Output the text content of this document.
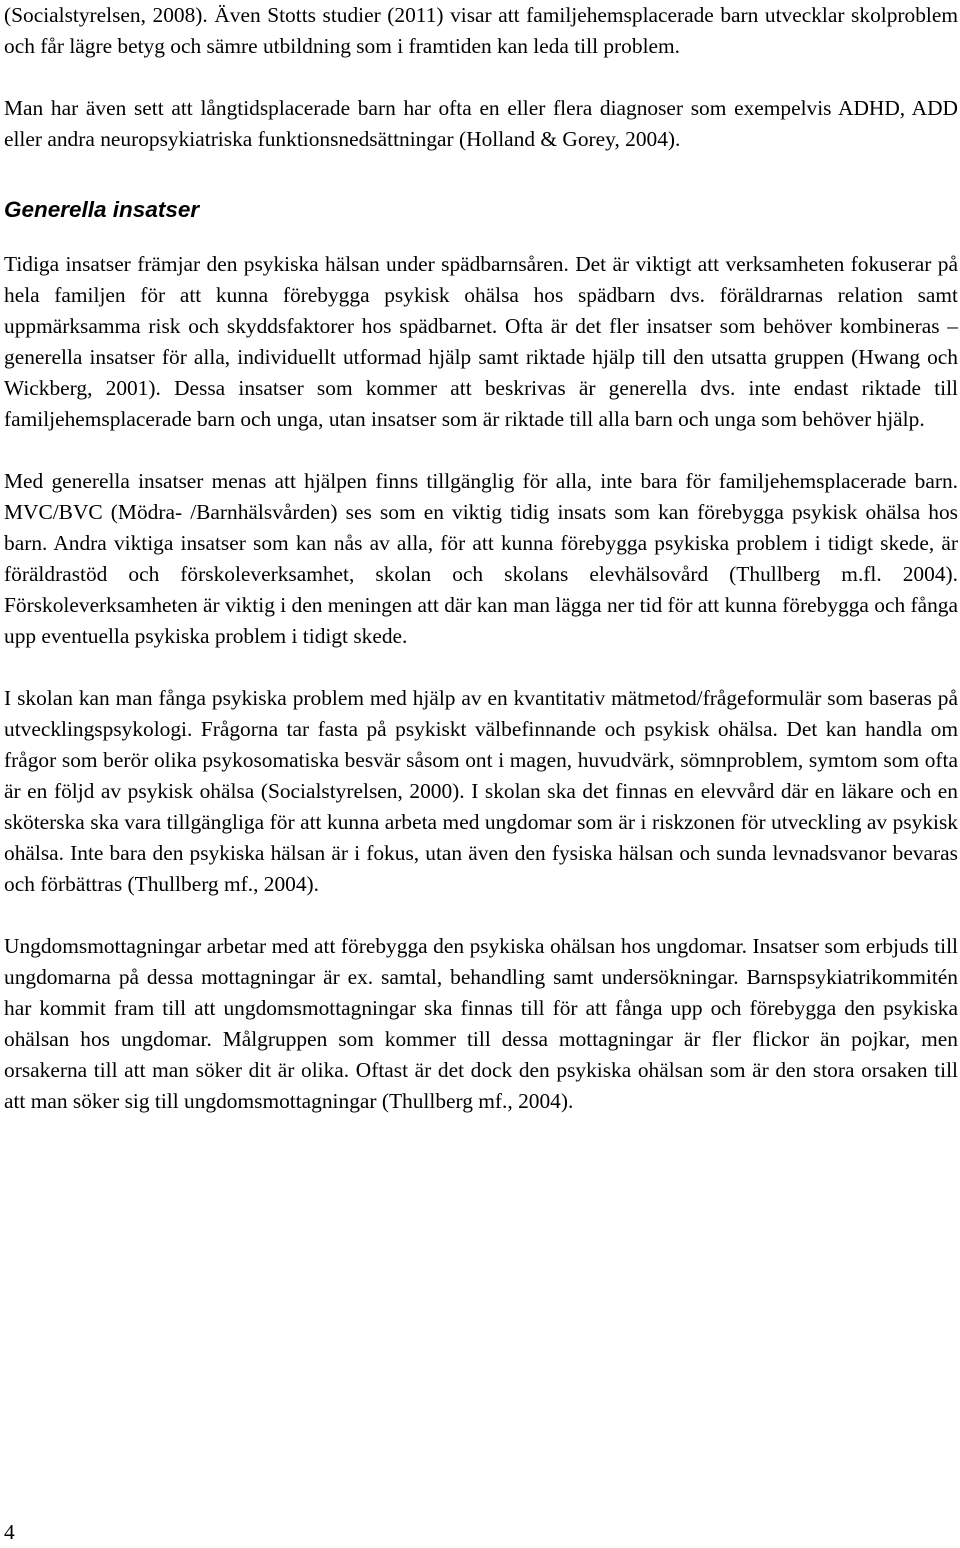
(Socialstyrelsen, 2008). Även Stotts studier (2011) visar att familjehemsplacerade barn utvecklar skolproblem och får lägre betyg och sämre utbildning som i framtiden kan leda till problem.

Man har även sett att långtidsplacerade barn har ofta en eller flera diagnoser som exempelvis ADHD, ADD eller andra neuropsykiatriska funktionsnedsättningar (Holland & Gorey, 2004).

Generella insatser

Tidiga insatser främjar den psykiska hälsan under spädbarnsåren. Det är viktigt att verksamheten fokuserar på hela familjen för att kunna förebygga psykisk ohälsa hos spädbarn dvs. föräldrarnas relation samt uppmärksamma risk och skyddsfaktorer hos spädbarnet. Ofta är det fler insatser som behöver kombineras – generella insatser för alla, individuellt utformad hjälp samt riktade hjälp till den utsatta gruppen (Hwang och Wickberg, 2001). Dessa insatser som kommer att beskrivas är generella dvs. inte endast riktade till familjehemsplacerade barn och unga, utan insatser som är riktade till alla barn och unga som behöver hjälp.

Med generella insatser menas att hjälpen finns tillgänglig för alla, inte bara för familjehemsplacerade barn. MVC/BVC (Mödra- /Barnhälsvården) ses som en viktig tidig insats som kan förebygga psykisk ohälsa hos barn. Andra viktiga insatser som kan nås av alla, för att kunna förebygga psykiska problem i tidigt skede, är föräldrastöd och förskoleverksamhet, skolan och skolans elevhälsovård (Thullberg m.fl. 2004). Förskoleverksamheten är viktig i den meningen att där kan man lägga ner tid för att kunna förebygga och fånga upp eventuella psykiska problem i tidigt skede.

I skolan kan man fånga psykiska problem med hjälp av en kvantitativ mätmetod/frågeformulär som baseras på utvecklingspsykologi. Frågorna tar fasta på psykiskt välbefinnande och psykisk ohälsa. Det kan handla om frågor som berör olika psykosomatiska besvär såsom ont i magen, huvudvärk, sömnproblem, symtom som ofta är en följd av psykisk ohälsa (Socialstyrelsen, 2000). I skolan ska det finnas en elevvård där en läkare och en sköterska ska vara tillgängliga för att kunna arbeta med ungdomar som är i riskzonen för utveckling av psykisk ohälsa. Inte bara den psykiska hälsan är i fokus, utan även den fysiska hälsan och sunda levnadsvanor bevaras och förbättras (Thullberg mf., 2004).

Ungdomsmottagningar arbetar med att förebygga den psykiska ohälsan hos ungdomar. Insatser som erbjuds till ungdomarna på dessa mottagningar är ex. samtal, behandling samt undersökningar. Barnspsykiatrikommitén har kommit fram till att ungdomsmottagningar ska finnas till för att fånga upp och förebygga den psykiska ohälsan hos ungdomar. Målgruppen som kommer till dessa mottagningar är fler flickor än pojkar, men orsakerna till att man söker dit är olika. Oftast är det dock den psykiska ohälsan som är den stora orsaken till att man söker sig till ungdomsmottagningar (Thullberg mf., 2004).

4
